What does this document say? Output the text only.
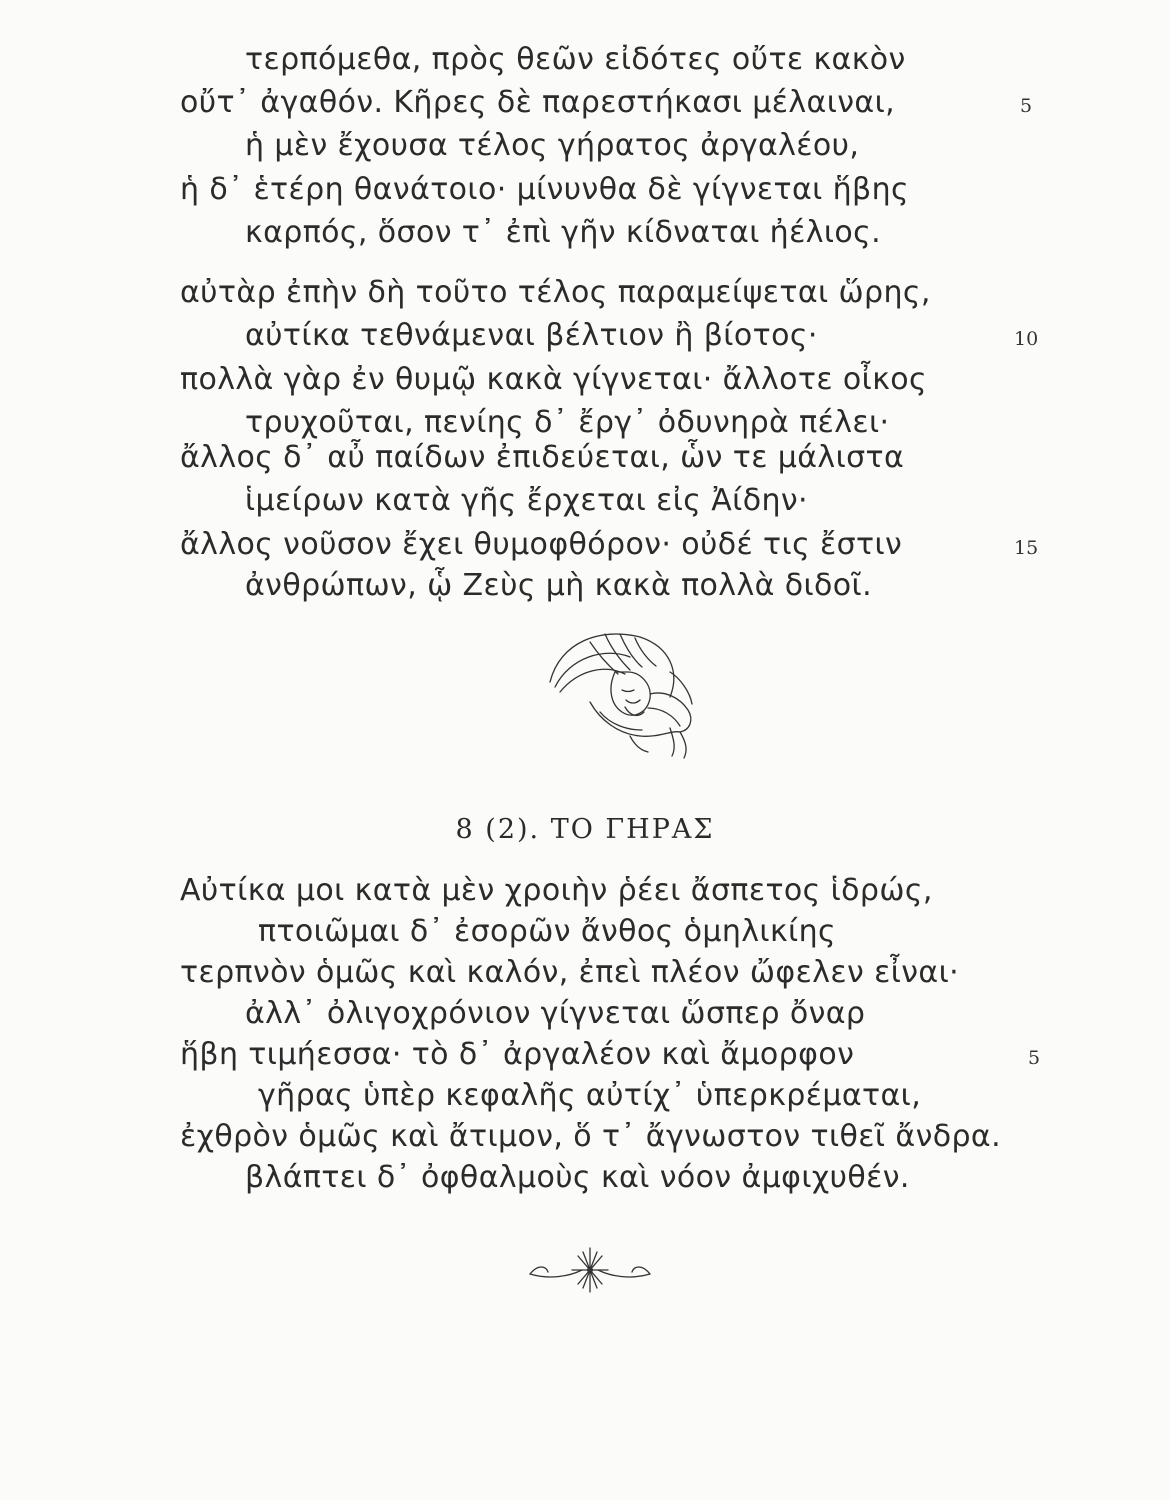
τερπόμεθα, πρὸς θεῶν εἰδότες οὔτε κακὸν
οὔτ᾽ ἀγαθόν. Κῆρες δὲ παρεστήκασι μέλαιναι,	5
ἡ μὲν ἔχουσα τέλος γήρατος ἀργαλέου,
ἡ δ᾽ ἑτέρη θανάτοιο· μίνυνθα δὲ γίγνεται ἥβης
καρπός, ὅσον τ᾽ ἐπὶ γῆν κίδναται ἠέλιος.
αὐτὰρ ἐπὴν δὴ τοῦτο τέλος παραμείψεται ὥρης,
αὐτίκα τεθνάμεναι βέλτιον ἢ βίοτος·	10
πολλὰ γὰρ ἐν θυμῷ κακὰ γίγνεται· ἄλλοτε οἶκος
τρυχοῦται, πενίης δ᾽ ἔργ᾽ ὀδυνηρὰ πέλει·
ἄλλος δ᾽ αὖ παίδων ἐπιδεύεται, ὧν τε μάλιστα
ἱμείρων κατὰ γῆς ἔρχεται εἰς Ἀίδην·
ἄλλος νοῦσον ἔχει θυμοφθόρον· οὐδέ τις ἔστιν	15
ἀνθρώπων, ᾧ Ζεὺς μὴ κακὰ πολλὰ διδοῖ.
8 (2). ΤΟ ΓΗΡΑΣ
Αὐτίκα μοι κατὰ μὲν χροιὴν ῥέει ἄσπετος ἱδρώς,
πτοιῶμαι δ᾽ ἐσορῶν ἄνθος ὁμηλικίης
τερπνὸν ὁμῶς καὶ καλόν, ἐπεὶ πλέον ὤφελεν εἶναι·
ἀλλ᾽ ὀλιγοχρόνιον γίγνεται ὥσπερ ὄναρ
ἥβη τιμήεσσα· τὸ δ᾽ ἀργαλέον καὶ ἄμορφον	5
γῆρας ὑπὲρ κεφαλῆς αὐτίχ᾽ ὑπερκρέμαται,
ἐχθρὸν ὁμῶς καὶ ἄτιμον, ὅ τ᾽ ἄγνωστον τιθεῖ ἄνδρα.
βλάπτει δ᾽ ὀφθαλμοὺς καὶ νόον ἀμφιχυθέν.
